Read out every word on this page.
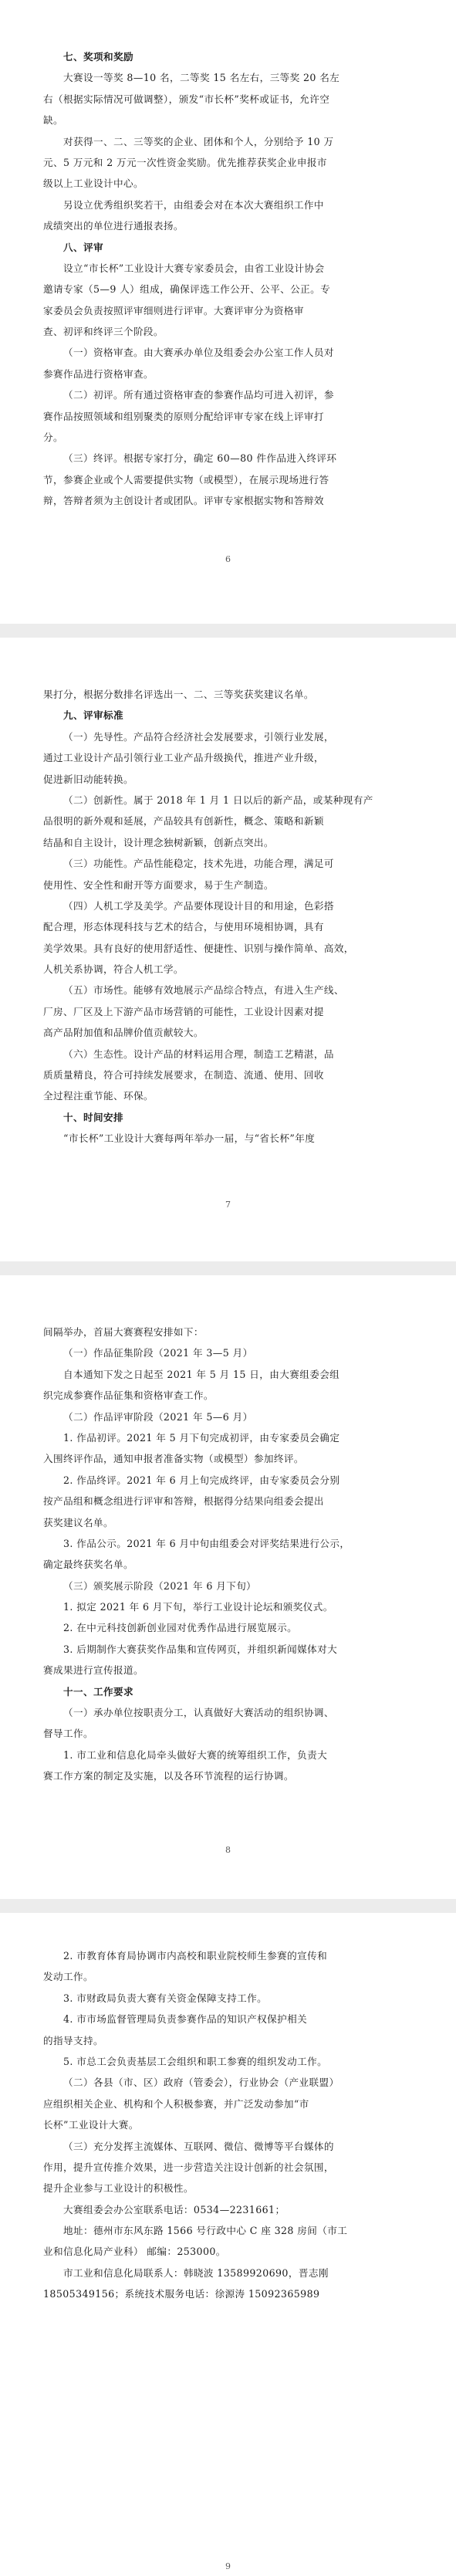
七、奖项和奖励
大赛设一等奖 8—10 名，二等奖 15 名左右，三等奖 20 名左
右（根据实际情况可做调整），颁发“市长杯”奖杯或证书，允许空
缺。
对获得一、二、三等奖的企业、团体和个人，分别给予 10 万
元、5 万元和 2 万元一次性资金奖励。优先推荐获奖企业申报市
级以上工业设计中心。
另设立优秀组织奖若干，由组委会对在本次大赛组织工作中
成绩突出的单位进行通报表扬。
八、评审
设立“市长杯”工业设计大赛专家委员会，由省工业设计协会
邀请专家（5—9 人）组成，确保评选工作公开、公平、公正。专
家委员会负责按照评审细则进行评审。大赛评审分为资格审
查、初评和终评三个阶段。
（一）资格审查。由大赛承办单位及组委会办公室工作人员对
参赛作品进行资格审查。
（二）初评。所有通过资格审查的参赛作品均可进入初评，参
赛作品按照领域和组别聚类的原则分配给评审专家在线上评审打
分。
（三）终评。根据专家打分，确定 60—80 件作品进入终评环
节，参赛企业或个人需要提供实物（或模型），在展示现场进行答
辩，答辩者须为主创设计者或团队。评审专家根据实物和答辩效
6
果打分，根据分数排名评选出一、二、三等奖获奖建议名单。
九、评审标准
（一）先导性。产品符合经济社会发展要求，引领行业发展，
通过工业设计产品引领行业工业产品升级换代，推进产业升级，
促进新旧动能转换。
（二）创新性。属于 2018 年 1 月 1 日以后的新产品，或某种现有产
品很明的新外观和延展，产品较具有创新性，概念、策略和新颖
结晶和自主设计，设计理念独树新颖，创新点突出。
（三）功能性。产品性能稳定，技术先进，功能合理，满足可
使用性、安全性和耐开等方面要求，易于生产制造。
（四）人机工学及美学。产品要体现设计目的和用途，色彩搭
配合理，形态体现科技与艺术的结合，与使用环境相协调，具有
美学效果。具有良好的使用舒适性、便捷性、识别与操作简单、高效，
人机关系协调，符合人机工学。
（五）市场性。能够有效地展示产品综合特点，有进入生产线、
厂房、厂区及上下游产品市场营销的可能性，工业设计因素对提
高产品附加值和品牌价值贡献较大。
（六）生态性。设计产品的材料运用合理，制造工艺精湛，品
质质量精良，符合可持续发展要求，在制造、流通、使用、回收
全过程注重节能、环保。
十、时间安排
“市长杯”工业设计大赛每两年举办一届，与“省长杯”年度
7
间隔举办，首届大赛赛程安排如下：
（一）作品征集阶段（2021 年 3—5 月）
自本通知下发之日起至 2021 年 5 月 15 日，由大赛组委会组
织完成参赛作品征集和资格审查工作。
（二）作品评审阶段（2021 年 5—6 月）
1. 作品初评。2021 年 5 月下旬完成初评，由专家委员会确定
入围终评作品，通知申报者准备实物（或模型）参加终评。
2. 作品终评。2021 年 6 月上旬完成终评，由专家委员会分别
按产品组和概念组进行评审和答辩，根据得分结果向组委会提出
获奖建议名单。
3. 作品公示。2021 年 6 月中旬由组委会对评奖结果进行公示，
确定最终获奖名单。
（三）颁奖展示阶段（2021 年 6 月下旬）
1. 拟定 2021 年 6 月下旬，举行工业设计论坛和颁奖仪式。
2. 在中元科技创新创业园对优秀作品进行展览展示。
3. 后期制作大赛获奖作品集和宣传网页，并组织新闻媒体对大
赛成果进行宣传报道。
十一、工作要求
（一）承办单位按职责分工，认真做好大赛活动的组织协调、
督导工作。
1. 市工业和信息化局牵头做好大赛的统筹组织工作，负责大
赛工作方案的制定及实施，以及各环节流程的运行协调。
8
2. 市教育体育局协调市内高校和职业院校师生参赛的宣传和
发动工作。
3. 市财政局负责大赛有关资金保障支持工作。
4. 市市场监督管理局负责参赛作品的知识产权保护相关
的指导支持。
5. 市总工会负责基层工会组织和职工参赛的组织发动工作。
（二）各县（市、区）政府（管委会），行业协会（产业联盟）
应组织相关企业、机构和个人积极参赛，并广泛发动参加“市
长杯”工业设计大赛。
（三）充分发挥主流媒体、互联网、微信、微博等平台媒体的
作用，提升宣传推介效果，进一步营造关注设计创新的社会氛围，
提升企业参与工业设计的积极性。
大赛组委会办公室联系电话：0534—2231661；
地址：德州市东风东路 1566 号行政中心 C 座 328 房间（市工
业和信息化局产业科） 邮编：253000。
市工业和信息化局联系人：韩晓波 13589920690，晋志刚
18505349156；系统技术服务电话：徐源涛 15092365989
9
